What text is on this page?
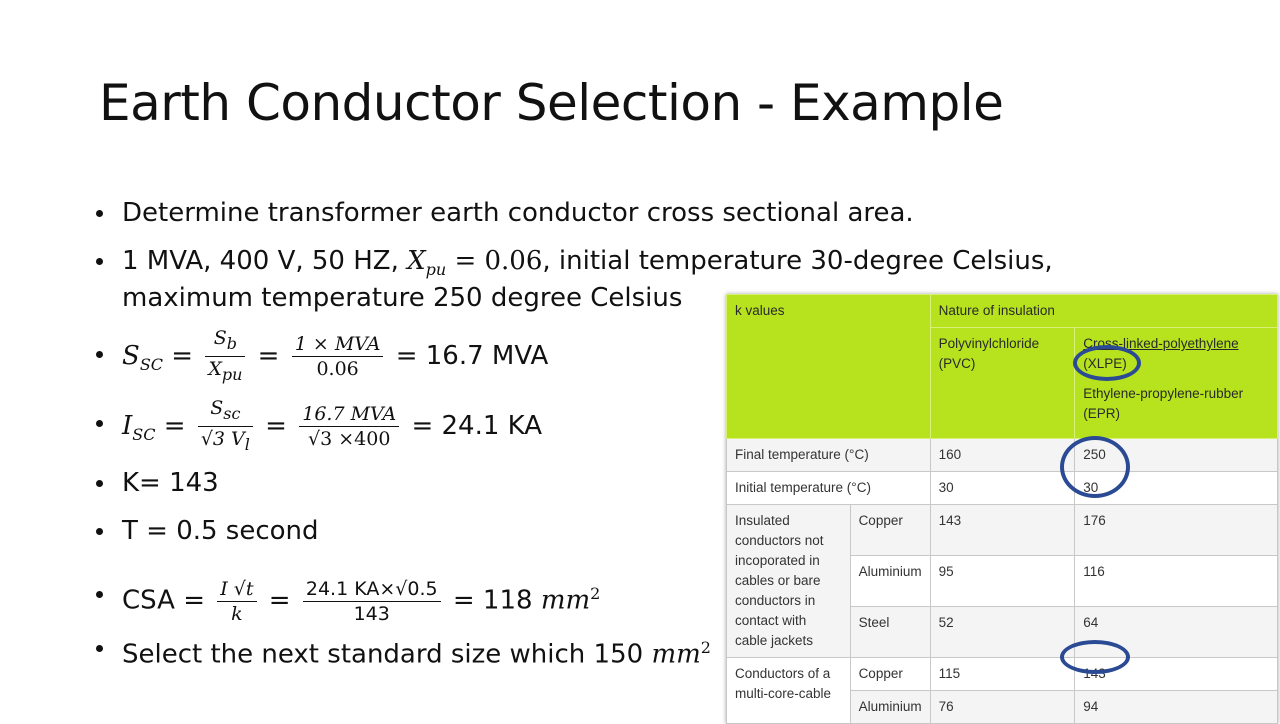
Earth Conductor Selection - Example
Determine transformer earth conductor cross sectional area.
1 MVA, 400 V, 50 HZ, $X_{pu} = 0.06$, initial temperature 30-degree Celsius,
maximum temperature 250 degree Celsius
$S_{SC} = \frac{S_b}{X_{pu}} = \frac{\text{1 × MVA}}{0.06} = 16.7$ MVA
$I_{SC} = \frac{S_{sc}}{√3 V_l} = \frac{\text{16.7 MVA}}{√3 \times 400} = 24.1$ KA
K= 143
T = 0.5 second
CSA = $\frac{I √t}{k} = \frac{24.1 KA\times√0.5}{143} = 118$ $mm^2$
Select the next standard size which 150 $mm^2$
k values		Nature of insulation	
		Polyvinylchloride (PVC)	Cross-linked-polyethylene
(XLPE)
Ethylene-propylene-rubber (EPR)

Final temperature (°C)		160	250
Initial temperature (°C)		30	30
Insulated conductors not incoporated in cables or bare conductors in contact with cable jackets	Copper	143	176
	Aluminium	95	116
	Steel	52	64
Conductors of a multi-core-cable	Copper	115	143
	Aluminium	76	94
